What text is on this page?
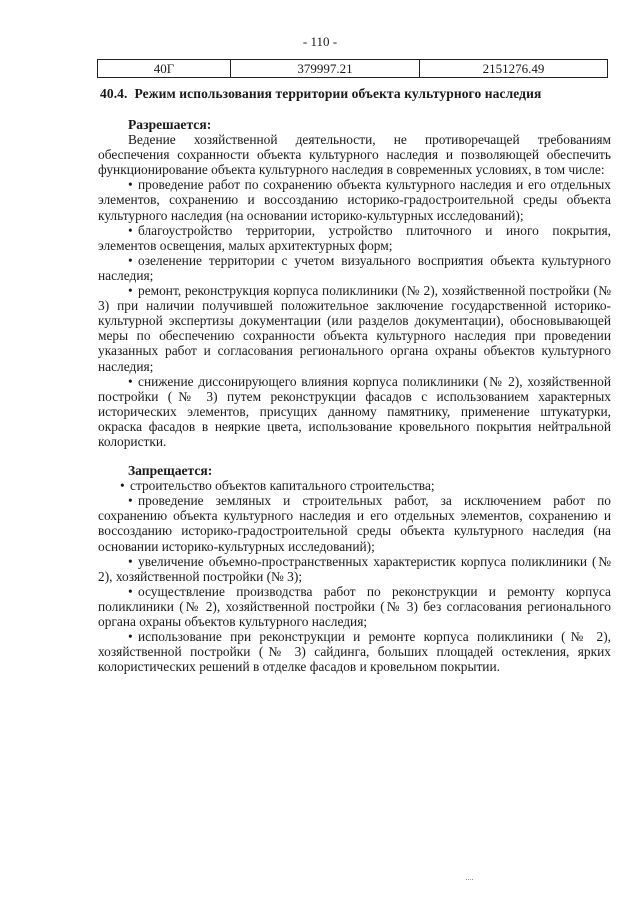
- 110 -
40Г	379997.21	2151276.49
40.4. Режим использования территории объекта культурного наследия

Разрешается:

Ведение хозяйственной деятельности, не противоречащей требованиям обеспечения сохранности объекта культурного наследия и позволяющей обеспечить функционирование объекта культурного наследия в современных условиях, в том числе:

• проведение работ по сохранению объекта культурного наследия и его отдельных элементов, сохранению и воссозданию историко-градостроительной среды объекта культурного наследия (на основании историко-культурных исследований);

• благоустройство территории, устройство плиточного и иного покрытия, элементов освещения, малых архитектурных форм;

• озеленение территории с учетом визуального восприятия объекта культурного наследия;

• ремонт, реконструкция корпуса поликлиники (№ 2), хозяйственной постройки (№ 3) при наличии получившей положительное заключение государственной историко-культурной экспертизы документации (или разделов документации), обосновывающей меры по обеспечению сохранности объекта культурного наследия при проведении указанных работ и согласования регионального органа охраны объектов культурного наследия;

• снижение диссонирующего влияния корпуса поликлиники (№ 2), хозяйственной постройки (№ 3) путем реконструкции фасадов с использованием характерных исторических элементов, присущих данному памятнику, применение штукатурки, окраска фасадов в неяркие цвета, использование кровельного покрытия нейтральной колористки.

Запрещается:

• строительство объектов капитального строительства;

• проведение земляных и строительных работ, за исключением работ по сохранению объекта культурного наследия и его отдельных элементов, сохранению и воссозданию историко-градостроительной среды объекта культурного наследия (на основании историко-культурных исследований);

• увеличение объемно-пространственных характеристик корпуса поликлиники (№ 2), хозяйственной постройки (№ 3);

• осуществление производства работ по реконструкции и ремонту корпуса поликлиники (№ 2), хозяйственной постройки (№ 3) без согласования регионального органа охраны объектов культурного наследия;

• использование при реконструкции и ремонте корпуса поликлиники (№ 2), хозяйственной постройки (№ 3) сайдинга, больших площадей остекления, ярких колористических решений в отделке фасадов и кровельном покрытии.
